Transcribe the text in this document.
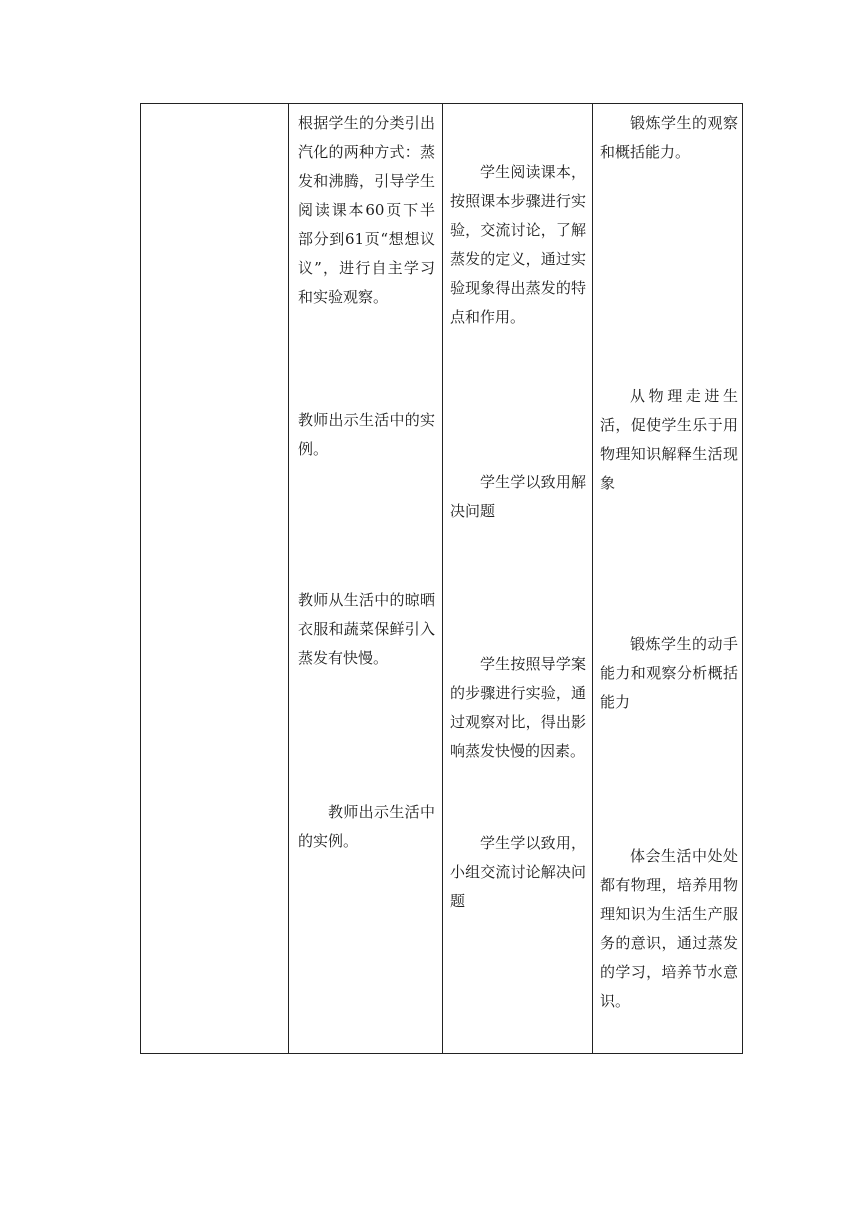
根据学生的分类引出汽化的两种方式：蒸发和沸腾，引导学生阅读课本60页下半部分到61页“想想议议”，进行自主学习和实验观察。

教师出示生活中的实例。

教师从生活中的晾晒衣服和蔬菜保鲜引入蒸发有快慢。

教师出示生活中的实例。

学生阅读课本，按照课本步骤进行实验，交流讨论，了解蒸发的定义，通过实验现象得出蒸发的特点和作用。

学生学以致用解决问题

学生按照导学案的步骤进行实验，通过观察对比，得出影响蒸发快慢的因素。

学生学以致用，小组交流讨论解决问题

锻炼学生的观察和概括能力。

从物理走进生活，促使学生乐于用物理知识解释生活现象

锻炼学生的动手能力和观察分析概括能力

体会生活中处处都有物理，培养用物理知识为生活生产服务的意识，通过蒸发的学习，培养节水意识。
